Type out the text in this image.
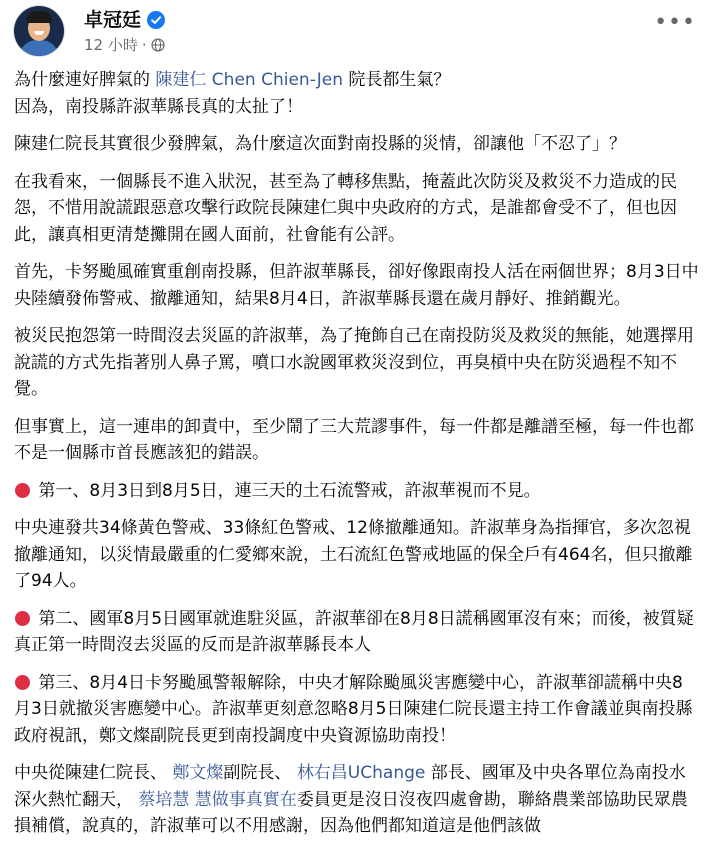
卓冠廷
12 小時 ·
•••

為什麼連好脾氣的 陳建仁 Chen Chien-Jen 院長都生氣？
因為，南投縣許淑華縣長真的太扯了！

陳建仁院長其實很少發脾氣，為什麼這次面對南投縣的災情，卻讓他「不忍了」？

在我看來，一個縣長不進入狀況，甚至為了轉移焦點，掩蓋此次防災及救災不力造成的民怨，不惜用說謊跟惡意攻擊行政院長陳建仁與中央政府的方式，是誰都會受不了，但也因此，讓真相更清楚攤開在國人面前，社會能有公評。

首先，卡努颱風確實重創南投縣，但許淑華縣長，卻好像跟南投人活在兩個世界；8月3日中央陸續發佈警戒、撤離通知，結果8月4日，許淑華縣長還在歲月靜好、推銷觀光。

被災民抱怨第一時間沒去災區的許淑華，為了掩飾自己在南投防災及救災的無能，她選擇用說謊的方式先指著別人鼻子罵，噴口水說國軍救災沒到位，再臭槓中央在防災過程不知不覺。

但事實上，這一連串的卸責中，至少鬧了三大荒謬事件，每一件都是離譜至極，每一件也都不是一個縣市首長應該犯的錯誤。

第一、8月3日到8月5日，連三天的土石流警戒，許淑華視而不見。

中央連發共34條黃色警戒、33條紅色警戒、12條撤離通知。許淑華身為指揮官，多次忽視撤離通知，以災情最嚴重的仁愛鄉來說，土石流紅色警戒地區的保全戶有464名，但只撤離了94人。

第二、國軍8月5日國軍就進駐災區，許淑華卻在8月8日謊稱國軍沒有來；而後，被質疑真正第一時間沒去災區的反而是許淑華縣長本人

第三、8月4日卡努颱風警報解除，中央才解除颱風災害應變中心，許淑華卻謊稱中央8月3日就撤災害應變中心。許淑華更刻意忽略8月5日陳建仁院長還主持工作會議並與南投縣政府視訊，鄭文燦副院長更到南投調度中央資源協助南投！

中央從陳建仁院長、 鄭文燦副院長、 林右昌UChange 部長、國軍及中央各單位為南投水深火熱忙翻天， 蔡培慧 慧做事真實在委員更是沒日沒夜四處會勘，聯絡農業部協助民眾農損補償，說真的，許淑華可以不用感謝，因為他們都知道這是他們該做
